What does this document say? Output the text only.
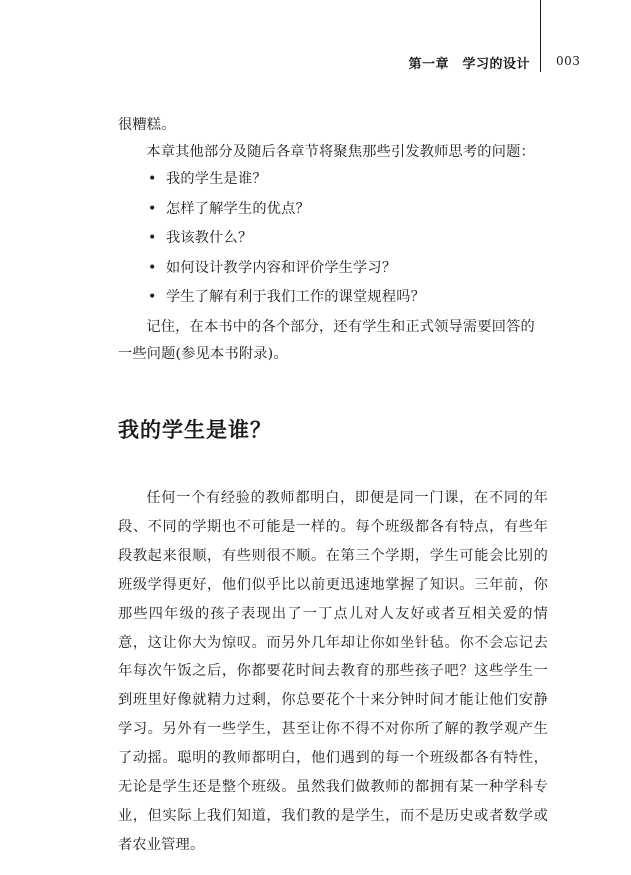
第一章　学习的设计 003

很糟糕。

本章其他部分及随后各章节将聚焦那些引发教师思考的问题：

• 我的学生是谁？
• 怎样了解学生的优点？
• 我该教什么？
• 如何设计教学内容和评价学生学习？
• 学生了解有利于我们工作的课堂规程吗？

记住，在本书中的各个部分，还有学生和正式领导需要回答的一些问题(参见本书附录)。

我的学生是谁？

任何一个有经验的教师都明白，即便是同一门课，在不同的年段、不同的学期也不可能是一样的。每个班级都各有特点，有些年段教起来很顺，有些则很不顺。在第三个学期，学生可能会比别的班级学得更好，他们似乎比以前更迅速地掌握了知识。三年前，你那些四年级的孩子表现出了一丁点儿对人友好或者互相关爱的情意，这让你大为惊叹。而另外几年却让你如坐针毡。你不会忘记去年每次午饭之后，你都要花时间去教育的那些孩子吧？这些学生一到班里好像就精力过剩，你总要花个十来分钟时间才能让他们安静学习。另外有一些学生，甚至让你不得不对你所了解的教学观产生了动摇。聪明的教师都明白，他们遇到的每一个班级都各有特性，无论是学生还是整个班级。虽然我们做教师的都拥有某一种学科专业，但实际上我们知道，我们教的是学生，而不是历史或者数学或者农业管理。
